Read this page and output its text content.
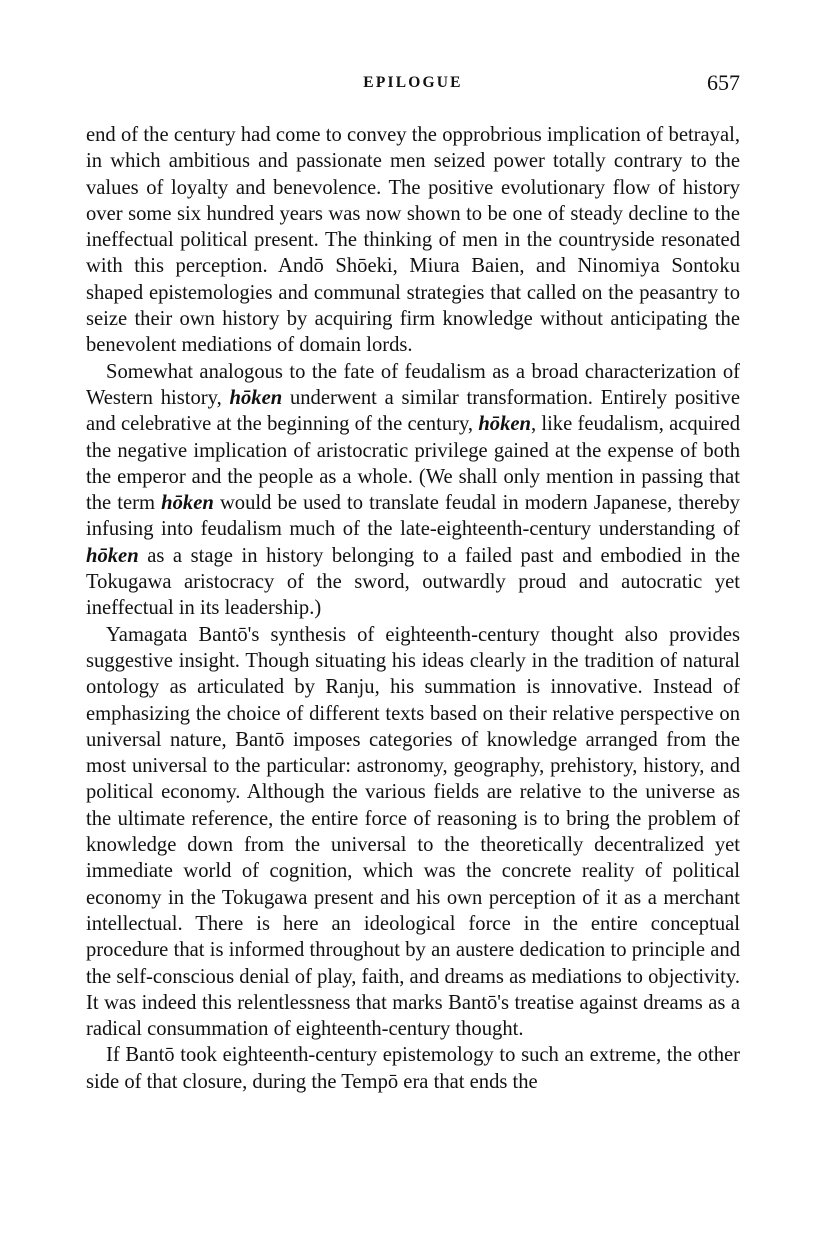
EPILOGUE	657

end of the century had come to convey the opprobrious implication of betrayal, in which ambitious and passionate men seized power totally contrary to the values of loyalty and benevolence. The positive evolutionary flow of history over some six hundred years was now shown to be one of steady decline to the ineffectual political present. The thinking of men in the countryside resonated with this perception. Andō Shōeki, Miura Baien, and Ninomiya Sontoku shaped epistemologies and communal strategies that called on the peasantry to seize their own history by acquiring firm knowledge without anticipating the benevolent mediations of domain lords.

Somewhat analogous to the fate of feudalism as a broad characterization of Western history, hōken underwent a similar transformation. Entirely positive and celebrative at the beginning of the century, hōken, like feudalism, acquired the negative implication of aristocratic privilege gained at the expense of both the emperor and the people as a whole. (We shall only mention in passing that the term hōken would be used to translate feudal in modern Japanese, thereby infusing into feudalism much of the late-eighteenth-century understanding of hōken as a stage in history belonging to a failed past and embodied in the Tokugawa aristocracy of the sword, outwardly proud and autocratic yet ineffectual in its leadership.)

Yamagata Bantō's synthesis of eighteenth-century thought also provides suggestive insight. Though situating his ideas clearly in the tradition of natural ontology as articulated by Ranju, his summation is innovative. Instead of emphasizing the choice of different texts based on their relative perspective on universal nature, Bantō imposes categories of knowledge arranged from the most universal to the particular: astronomy, geography, prehistory, history, and political economy. Although the various fields are relative to the universe as the ultimate reference, the entire force of reasoning is to bring the problem of knowledge down from the universal to the theoretically decentralized yet immediate world of cognition, which was the concrete reality of political economy in the Tokugawa present and his own perception of it as a merchant intellectual. There is here an ideological force in the entire conceptual procedure that is informed throughout by an austere dedication to principle and the self-conscious denial of play, faith, and dreams as mediations to objectivity. It was indeed this relentlessness that marks Bantō's treatise against dreams as a radical consummation of eighteenth-century thought.

If Bantō took eighteenth-century epistemology to such an extreme, the other side of that closure, during the Tempō era that ends the
